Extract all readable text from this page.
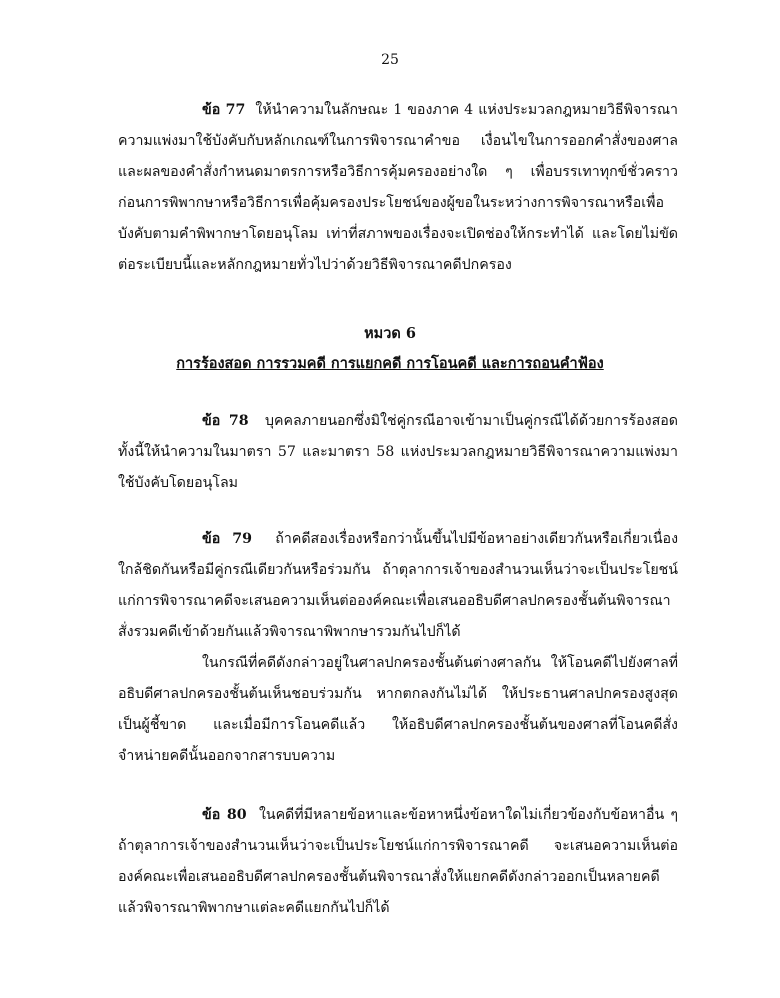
25

ข้อ 77 ให้นำความในลักษณะ 1 ของภาค 4 แห่งประมวลกฎหมายวิธีพิจารณาความแพ่งมาใช้บังคับกับหลักเกณฑ์ในการพิจารณาคำขอ เงื่อนไขในการออกคำสั่งของศาลและผลของคำสั่งกำหนดมาตรการหรือวิธีการคุ้มครองอย่างใด ๆ เพื่อบรรเทาทุกข์ชั่วคราวก่อนการพิพากษาหรือวิธีการเพื่อคุ้มครองประโยชน์ของผู้ขอในระหว่างการพิจารณาหรือเพื่อบังคับตามคำพิพากษาโดยอนุโลม เท่าที่สภาพของเรื่องจะเปิดช่องให้กระทำได้ และโดยไม่ขัดต่อระเบียบนี้และหลักกฎหมายทั่วไปว่าด้วยวิธีพิจารณาคดีปกครอง

หมวด 6
การร้องสอด การรวมคดี การแยกคดี การโอนคดี และการถอนคำฟ้อง

ข้อ 78 บุคคลภายนอกซึ่งมิใช่คู่กรณีอาจเข้ามาเป็นคู่กรณีได้ด้วยการร้องสอด ทั้งนี้ให้นำความในมาตรา 57 และมาตรา 58 แห่งประมวลกฎหมายวิธีพิจารณาความแพ่งมาใช้บังคับโดยอนุโลม

ข้อ 79 ถ้าคดีสองเรื่องหรือกว่านั้นขึ้นไปมีข้อหาอย่างเดียวกันหรือเกี่ยวเนื่องใกล้ชิดกันหรือมีคู่กรณีเดียวกันหรือร่วมกัน ถ้าตุลาการเจ้าของสำนวนเห็นว่าจะเป็นประโยชน์แก่การพิจารณาคดีจะเสนอความเห็นต่อองค์คณะเพื่อเสนออธิบดีศาลปกครองชั้นต้นพิจารณาสั่งรวมคดีเข้าด้วยกันแล้วพิจารณาพิพากษารวมกันไปก็ได้

ในกรณีที่คดีดังกล่าวอยู่ในศาลปกครองชั้นต้นต่างศาลกัน ให้โอนคดีไปยังศาลที่อธิบดีศาลปกครองชั้นต้นเห็นชอบร่วมกัน หากตกลงกันไม่ได้ ให้ประธานศาลปกครองสูงสุดเป็นผู้ชี้ขาด และเมื่อมีการโอนคดีแล้ว ให้อธิบดีศาลปกครองชั้นต้นของศาลที่โอนคดีสั่งจำหน่ายคดีนั้นออกจากสารบบความ

ข้อ 80 ในคดีที่มีหลายข้อหาและข้อหาหนึ่งข้อหาใดไม่เกี่ยวข้องกับข้อหาอื่น ๆ ถ้าตุลาการเจ้าของสำนวนเห็นว่าจะเป็นประโยชน์แก่การพิจารณาคดี จะเสนอความเห็นต่อองค์คณะเพื่อเสนออธิบดีศาลปกครองชั้นต้นพิจารณาสั่งให้แยกคดีดังกล่าวออกเป็นหลายคดี แล้วพิจารณาพิพากษาแต่ละคดีแยกกันไปก็ได้
